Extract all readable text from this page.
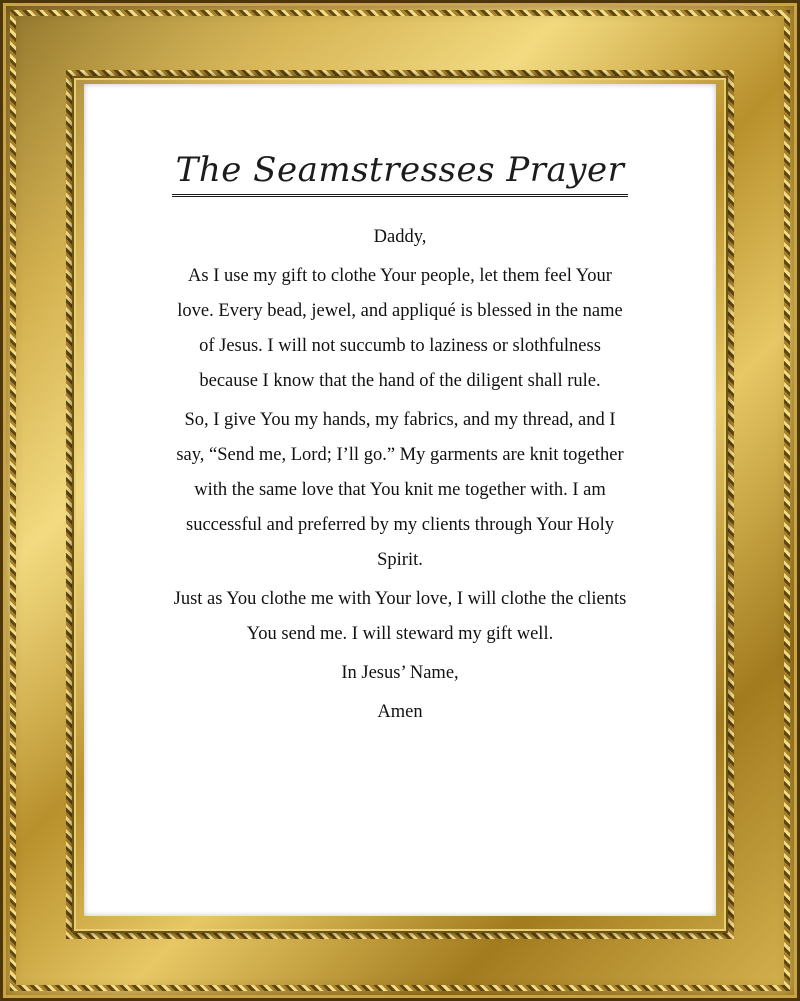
The Seamstresses Prayer
Daddy,
As I use my gift to clothe Your people, let them feel Your
love. Every bead, jewel, and appliqué is blessed in the name
of Jesus. I will not succumb to laziness or slothfulness
because I know that the hand of the diligent shall rule.
So, I give You my hands, my fabrics, and my thread, and I
say, “Send me, Lord; I’ll go.” My garments are knit together
with the same love that You knit me together with. I am
successful and preferred by my clients through Your Holy
Spirit.
Just as You clothe me with Your love, I will clothe the clients
You send me. I will steward my gift well.
In Jesus’ Name,
Amen
